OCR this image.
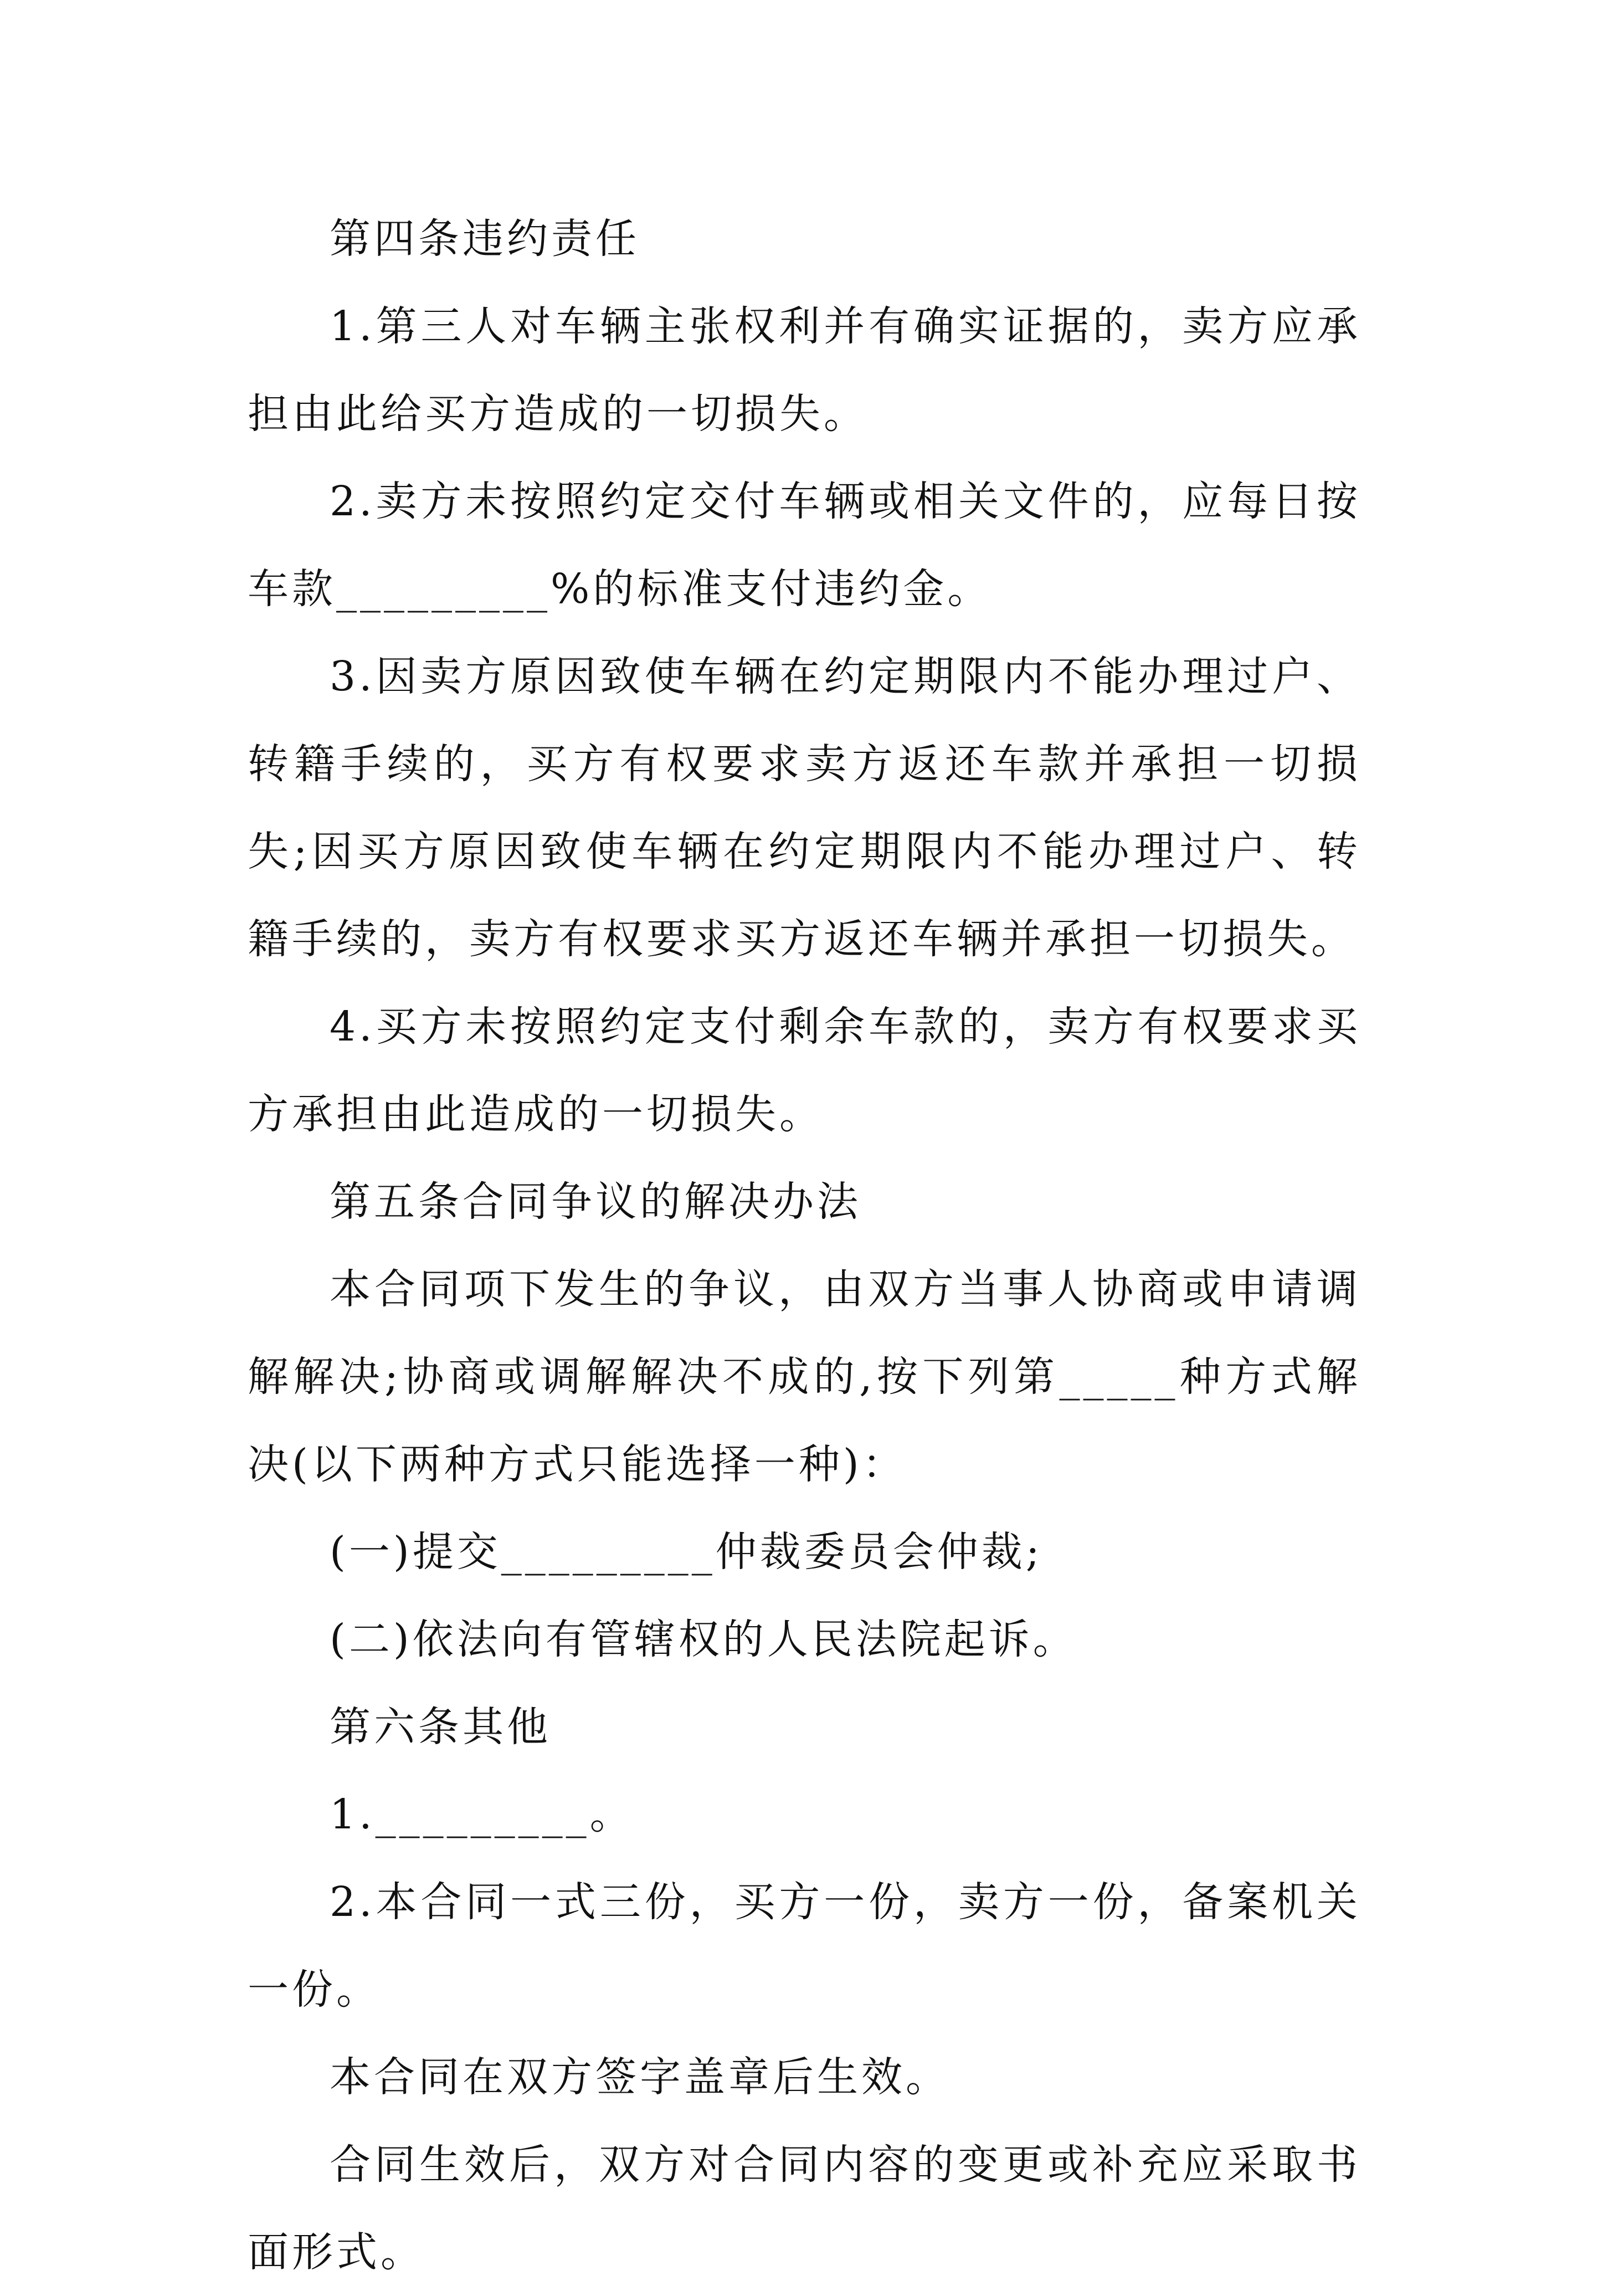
第四条违约责任

1.第三人对车辆主张权利并有确实证据的，卖方应承担由此给买方造成的一切损失。

2.卖方未按照约定交付车辆或相关文件的，应每日按车款_________%的标准支付违约金。

3.因卖方原因致使车辆在约定期限内不能办理过户、转籍手续的，买方有权要求卖方返还车款并承担一切损失;因买方原因致使车辆在约定期限内不能办理过户、转籍手续的，卖方有权要求买方返还车辆并承担一切损失。

4.买方未按照约定支付剩余车款的，卖方有权要求买方承担由此造成的一切损失。

第五条合同争议的解决办法

本合同项下发生的争议，由双方当事人协商或申请调解解决;协商或调解解决不成的,按下列第_____种方式解决(以下两种方式只能选择一种)：

(一)提交_________仲裁委员会仲裁;

(二)依法向有管辖权的人民法院起诉。

第六条其他

1._________。

2.本合同一式三份，买方一份，卖方一份，备案机关一份。

本合同在双方签字盖章后生效。

合同生效后，双方对合同内容的变更或补充应采取书面形式。
